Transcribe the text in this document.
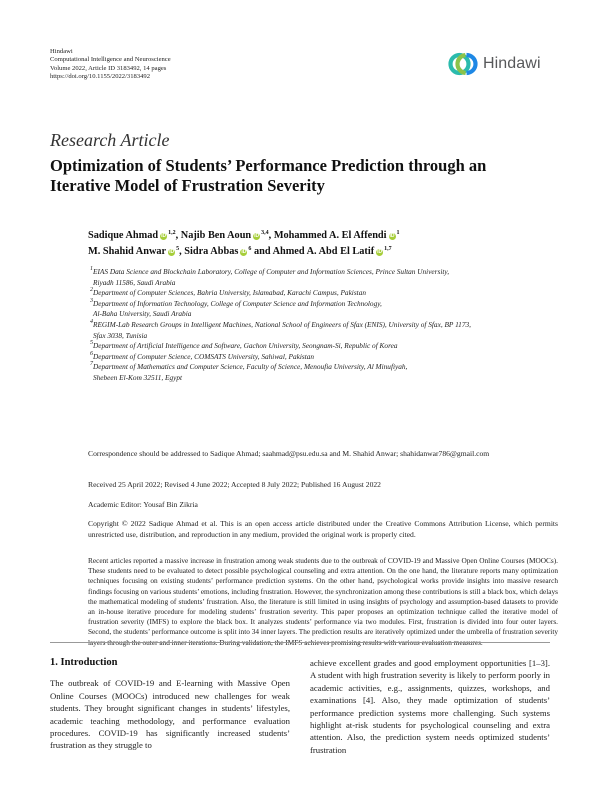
Hindawi
Computational Intelligence and Neuroscience
Volume 2022, Article ID 3183492, 14 pages
https://doi.org/10.1155/2022/3183492
Hindawi
Research Article
Optimization of Students’ Performance Prediction through an Iterative Model of Frustration Severity
Sadique Ahmad iD $^{1,2}$, Najib Ben Aoun iD $^{3,4}$, Mohammed A. El Affendi iD $^1$
M. Shahid Anwar iD $^5$, Sidra Abbas iD $^6$ and Ahmed A. Abd El Latif iD $^{1,7}$
$^1$EIAS Data Science and Blockchain Laboratory, College of Computer and Information Sciences, Prince Sultan University,
Riyadh 11586, Saudi Arabia
$^2$Department of Computer Sciences, Bahria University, Islamabad, Karachi Campus, Pakistan
$^3$Department of Information Technology, College of Computer Science and Information Technology,
Al-Baha University, Saudi Arabia
$^4$REGIM-Lab Research Groups in Intelligent Machines, National School of Engineers of Sfax (ENIS), University of Sfax, BP 1173,
Sfax 3038, Tunisia
$^5$Department of Artificial Intelligence and Software, Gachon University, Seongnam-Si, Republic of Korea
$^6$Department of Computer Science, COMSATS University, Sahiwal, Pakistan
$^7$Department of Mathematics and Computer Science, Faculty of Science, Menoufia University, Al Minufiyah,
Shebeen El-Kom 32511, Egypt
Correspondence should be addressed to Sadique Ahmad; saahmad@psu.edu.sa and M. Shahid Anwar; shahidanwar786@gmail.com
Received 25 April 2022; Revised 4 June 2022; Accepted 8 July 2022; Published 16 August 2022
Academic Editor: Yousaf Bin Zikria
Copyright © 2022 Sadique Ahmad et al. This is an open access article distributed under the Creative Commons Attribution License, which permits unrestricted use, distribution, and reproduction in any medium, provided the original work is properly cited.
Recent articles reported a massive increase in frustration among weak students due to the outbreak of COVID-19 and Massive Open Online Courses (MOOCs). These students need to be evaluated to detect possible psychological counseling and extra attention. On the one hand, the literature reports many optimization techniques focusing on existing students’ performance prediction systems. On the other hand, psychological works provide insights into massive research findings focusing on various students’ emotions, including frustration. However, the synchronization among these contributions is still a black box, which delays the mathematical modeling of students’ frustration. Also, the literature is still limited in using insights of psychology and assumption-based datasets to provide an in-house iterative procedure for modeling students’ frustration severity. This paper proposes an optimization technique called the iterative model of frustration severity (IMFS) to explore the black box. It analyzes students’ performance via two modules. First, frustration is divided into four outer layers. Second, the students’ performance outcome is split into 34 inner layers. The prediction results are iteratively optimized under the umbrella of frustration severity layers through the outer and inner iterations. During validation, the IMFS achieves promising results with various evaluation measures.
1. Introduction
The outbreak of COVID-19 and E-learning with Massive Open Online Courses (MOOCs) introduced new challenges for weak students. They brought significant changes in students’ lifestyles, academic teaching methodology, and performance evaluation procedures. COVID-19 has significantly increased students’ frustration as they struggle to
achieve excellent grades and good employment opportunities [1–3]. A student with high frustration severity is likely to perform poorly in academic activities, e.g., assignments, quizzes, workshops, and examinations [4]. Also, they made optimization of students’ performance prediction systems more challenging. Such systems highlight at-risk students for psychological counseling and extra attention. Also, the prediction system needs optimized students’ frustration
